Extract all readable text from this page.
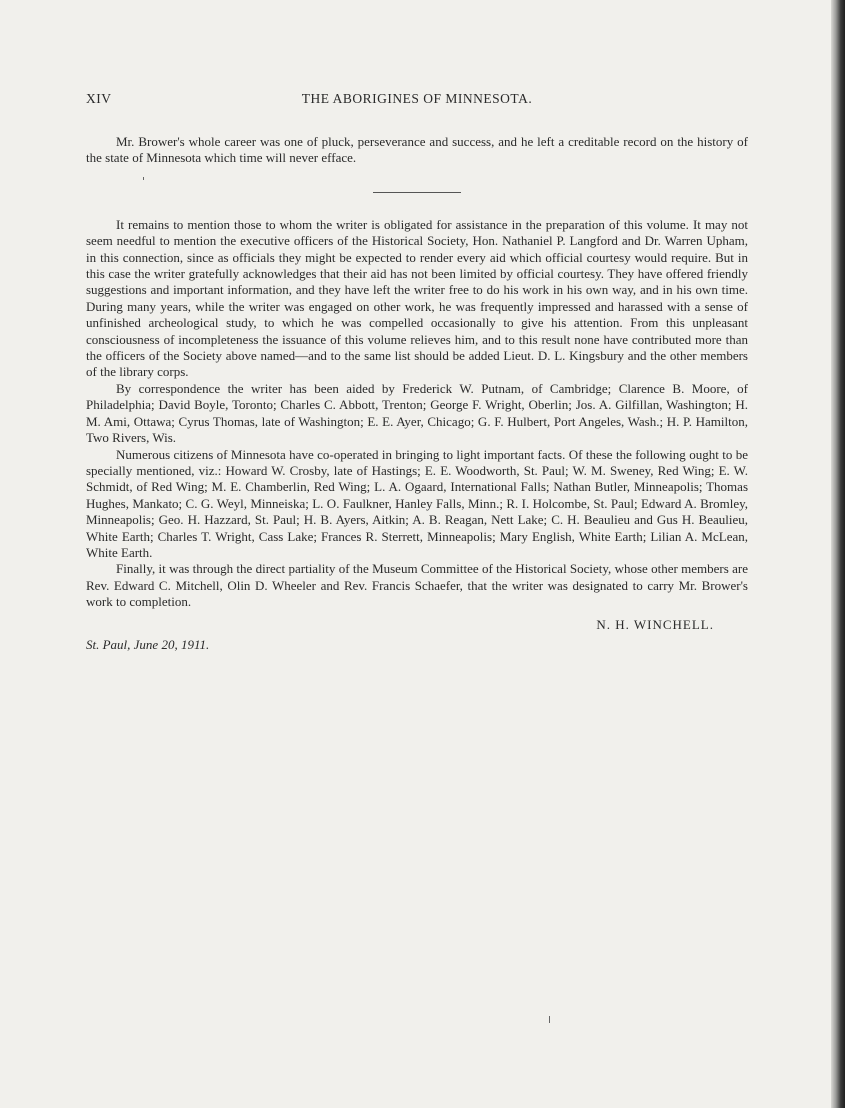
XIV	THE ABORIGINES OF MINNESOTA.

Mr. Brower's whole career was one of pluck, perseverance and success, and he left a creditable record on the history of the state of Minnesota which time will never efface.

It remains to mention those to whom the writer is obligated for assistance in the preparation of this volume. It may not seem needful to mention the executive officers of the Historical Society, Hon. Nathaniel P. Langford and Dr. Warren Upham, in this connection, since as officials they might be expected to render every aid which official courtesy would require. But in this case the writer gratefully acknowledges that their aid has not been limited by official courtesy. They have offered friendly suggestions and important information, and they have left the writer free to do his work in his own way, and in his own time. During many years, while the writer was engaged on other work, he was frequently impressed and harassed with a sense of unfinished archeological study, to which he was compelled occasionally to give his attention. From this unpleasant consciousness of incompleteness the issuance of this volume relieves him, and to this result none have contributed more than the officers of the Society above named—and to the same list should be added Lieut. D. L. Kingsbury and the other members of the library corps.

By correspondence the writer has been aided by Frederick W. Putnam, of Cambridge; Clarence B. Moore, of Philadelphia; David Boyle, Toronto; Charles C. Abbott, Trenton; George F. Wright, Oberlin; Jos. A. Gilfillan, Washington; H. M. Ami, Ottawa; Cyrus Thomas, late of Washington; E. E. Ayer, Chicago; G. F. Hulbert, Port Angeles, Wash.; H. P. Hamilton, Two Rivers, Wis.

Numerous citizens of Minnesota have co-operated in bringing to light important facts. Of these the following ought to be specially mentioned, viz.: Howard W. Crosby, late of Hastings; E. E. Woodworth, St. Paul; W. M. Sweney, Red Wing; E. W. Schmidt, of Red Wing; M. E. Chamberlin, Red Wing; L. A. Ogaard, International Falls; Nathan Butler, Minneapolis; Thomas Hughes, Mankato; C. G. Weyl, Minneiska; L. O. Faulkner, Hanley Falls, Minn.; R. I. Holcombe, St. Paul; Edward A. Bromley, Minneapolis; Geo. H. Hazzard, St. Paul; H. B. Ayers, Aitkin; A. B. Reagan, Nett Lake; C. H. Beaulieu and Gus H. Beaulieu, White Earth; Charles T. Wright, Cass Lake; Frances R. Sterrett, Minneapolis; Mary English, White Earth; Lilian A. McLean, White Earth.

Finally, it was through the direct partiality of the Museum Committee of the Historical Society, whose other members are Rev. Edward C. Mitchell, Olin D. Wheeler and Rev. Francis Schaefer, that the writer was designated to carry Mr. Brower's work to completion.

N. H. WINCHELL.
St. Paul, June 20, 1911.
